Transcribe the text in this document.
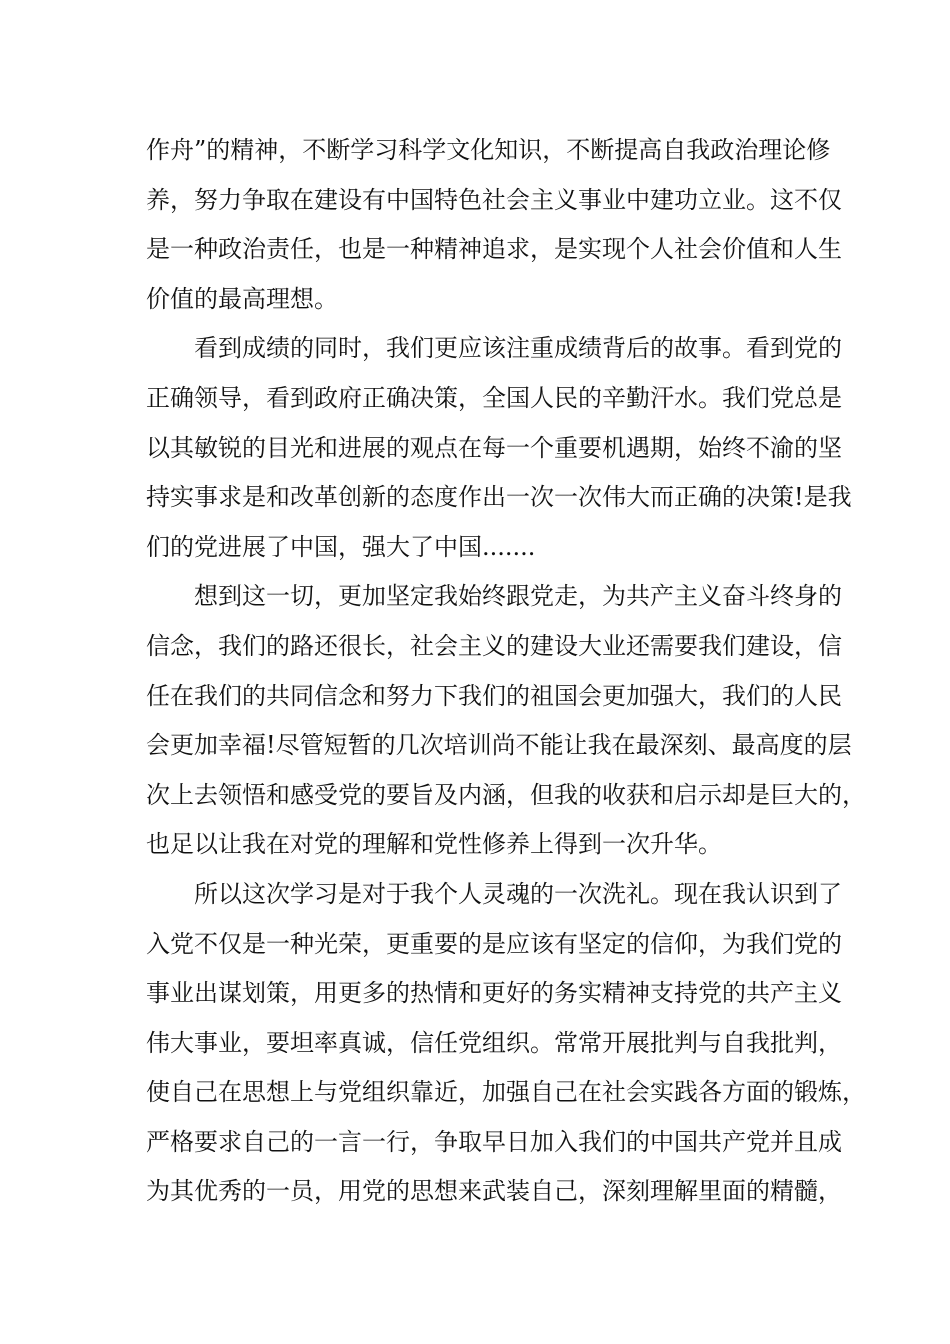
作舟”的精神，不断学习科学文化知识，不断提高自我政治理论修

养，努力争取在建设有中国特色社会主义事业中建功立业。这不仅

是一种政治责任，也是一种精神追求，是实现个人社会价值和人生

价值的最高理想。

　　看到成绩的同时，我们更应该注重成绩背后的故事。看到党的

正确领导，看到政府正确决策，全国人民的辛勤汗水。我们党总是

以其敏锐的目光和进展的观点在每一个重要机遇期，始终不渝的坚

持实事求是和改革创新的态度作出一次一次伟大而正确的决策!是我

们的党进展了中国，强大了中国.......

　　想到这一切，更加坚定我始终跟党走，为共产主义奋斗终身的

信念，我们的路还很长，社会主义的建设大业还需要我们建设，信

任在我们的共同信念和努力下我们的祖国会更加强大，我们的人民

会更加幸福!尽管短暂的几次培训尚不能让我在最深刻、最高度的层

次上去领悟和感受党的要旨及内涵，但我的收获和启示却是巨大的，

也足以让我在对党的理解和党性修养上得到一次升华。

　　所以这次学习是对于我个人灵魂的一次洗礼。现在我认识到了

入党不仅是一种光荣，更重要的是应该有坚定的信仰，为我们党的

事业出谋划策，用更多的热情和更好的务实精神支持党的共产主义

伟大事业，要坦率真诚，信任党组织。常常开展批判与自我批判，

使自己在思想上与党组织靠近，加强自己在社会实践各方面的锻炼，

严格要求自己的一言一行，争取早日加入我们的中国共产党并且成

为其优秀的一员，用党的思想来武装自己，深刻理解里面的精髓，
